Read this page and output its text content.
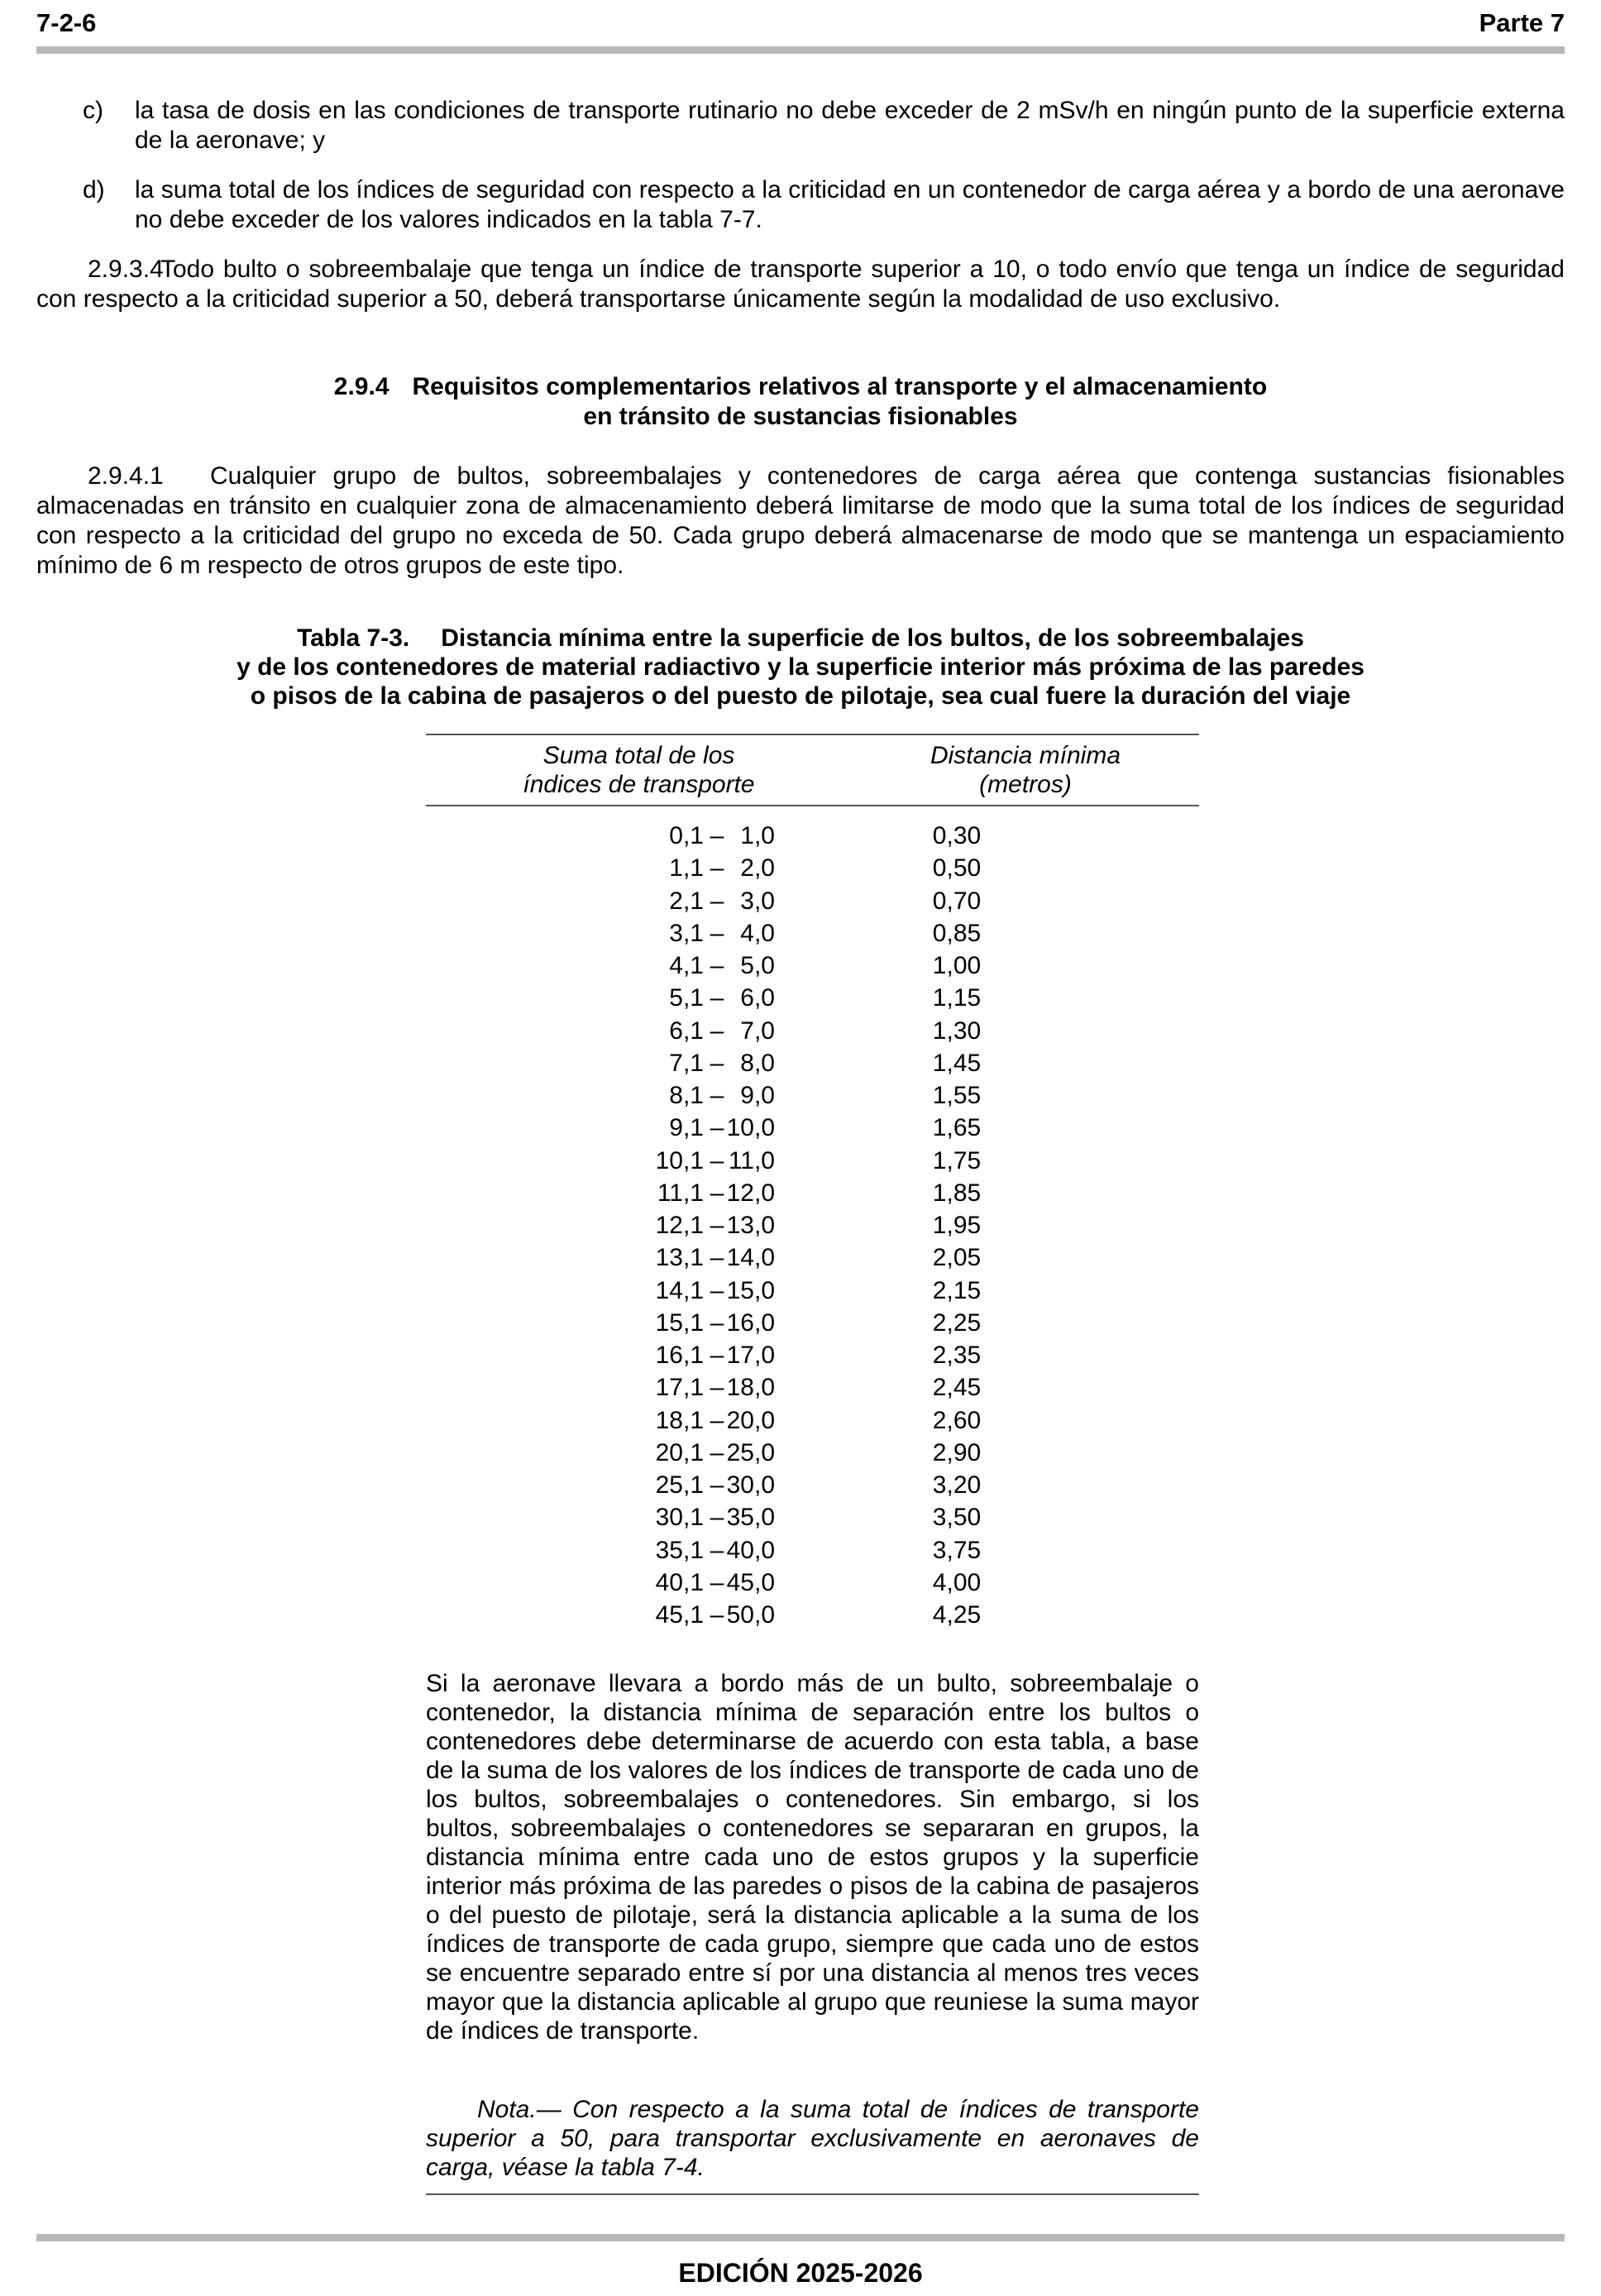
7-2-6	Parte 7
c) la tasa de dosis en las condiciones de transporte rutinario no debe exceder de 2 mSv/h en ningún punto de la superficie externa de la aeronave; y
d) la suma total de los índices de seguridad con respecto a la criticidad en un contenedor de carga aérea y a bordo de una aeronave no debe exceder de los valores indicados en la tabla 7-7.
2.9.3.4Todo bulto o sobreembalaje que tenga un índice de transporte superior a 10, o todo envío que tenga un índice de seguridad con respecto a la criticidad superior a 50, deberá transportarse únicamente según la modalidad de uso exclusivo.
2.9.4 Requisitos complementarios relativos al transporte y el almacenamiento
en tránsito de sustancias fisionables
2.9.4.1 Cualquier grupo de bultos, sobreembalajes y contenedores de carga aérea que contenga sustancias fisionables almacenadas en tránsito en cualquier zona de almacenamiento deberá limitarse de modo que la suma total de los índices de seguridad con respecto a la criticidad del grupo no exceda de 50. Cada grupo deberá almacenarse de modo que se mantenga un espaciamiento mínimo de 6 m respecto de otros grupos de este tipo.
Tabla 7-3. Distancia mínima entre la superficie de los bultos, de los sobreembalajes
y de los contenedores de material radiactivo y la superficie interior más próxima de las paredes
o pisos de la cabina de pasajeros o del puesto de pilotaje, sea cual fuere la duración del viaje
Suma total de los
índices de transporte
Distancia mínima
(metros)
0,1 – 1,0	0,30
1,1 – 2,0	0,50
2,1 – 3,0	0,70
3,1 – 4,0	0,85
4,1 – 5,0	1,00
5,1 – 6,0	1,15
6,1 – 7,0	1,30
7,1 – 8,0	1,45
8,1 – 9,0	1,55
9,1 – 10,0	1,65
10,1 – 11,0	1,75
11,1 – 12,0	1,85
12,1 – 13,0	1,95
13,1 – 14,0	2,05
14,1 – 15,0	2,15
15,1 – 16,0	2,25
16,1 – 17,0	2,35
17,1 – 18,0	2,45
18,1 – 20,0	2,60
20,1 – 25,0	2,90
25,1 – 30,0	3,20
30,1 – 35,0	3,50
35,1 – 40,0	3,75
40,1 – 45,0	4,00
45,1 – 50,0	4,25
Si la aeronave llevara a bordo más de un bulto, sobreembalaje o contenedor, la distancia mínima de separación entre los bultos o contenedores debe determinarse de acuerdo con esta tabla, a base de la suma de los valores de los índices de transporte de cada uno de los bultos, sobreembalajes o contenedores. Sin embargo, si los bultos, sobreembalajes o contenedores se separaran en grupos, la distancia mínima entre cada uno de estos grupos y la superficie interior más próxima de las paredes o pisos de la cabina de pasajeros o del puesto de pilotaje, será la distancia aplicable a la suma de los índices de transporte de cada grupo, siempre que cada uno de estos se encuentre separado entre sí por una distancia al menos tres veces mayor que la distancia aplicable al grupo que reuniese la suma mayor de índices de transporte.
Nota.— Con respecto a la suma total de índices de transporte superior a 50, para transportar exclusivamente en aeronaves de carga, véase la tabla 7-4.
EDICIÓN 2025-2026
